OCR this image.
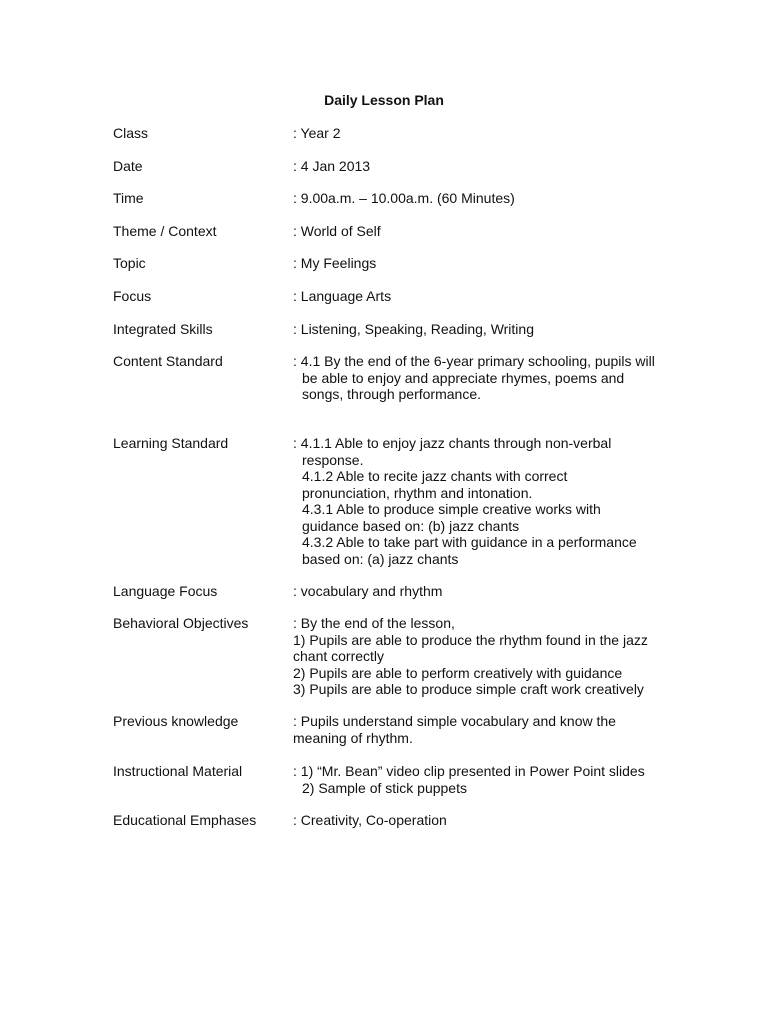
Daily Lesson Plan
Class	: Year 2
Date	: 4 Jan 2013
Time	: 9.00a.m. – 10.00a.m. (60 Minutes)
Theme / Context	: World of Self
Topic	: My Feelings
Focus	: Language Arts
Integrated Skills	: Listening, Speaking, Reading, Writing
Content Standard	: 4.1 By the end of the 6-year primary schooling, pupils will
be able to enjoy and appreciate rhymes, poems and
songs, through performance.
Learning Standard	: 4.1.1 Able to enjoy jazz chants through non-verbal
response.
4.1.2 Able to recite jazz chants with correct
pronunciation, rhythm and intonation.
4.3.1 Able to produce simple creative works with
guidance based on: (b) jazz chants
4.3.2 Able to take part with guidance in a performance
based on: (a) jazz chants
Language Focus	: vocabulary and rhythm
Behavioral Objectives	: By the end of the lesson,
1) Pupils are able to produce the rhythm found in the jazz
chant correctly
2) Pupils are able to perform creatively with guidance
3) Pupils are able to produce simple craft work creatively
Previous knowledge	: Pupils understand simple vocabulary and know the
meaning of rhythm.
Instructional Material	: 1) “Mr. Bean” video clip presented in Power Point slides
2) Sample of stick puppets
Educational Emphases	: Creativity, Co-operation
